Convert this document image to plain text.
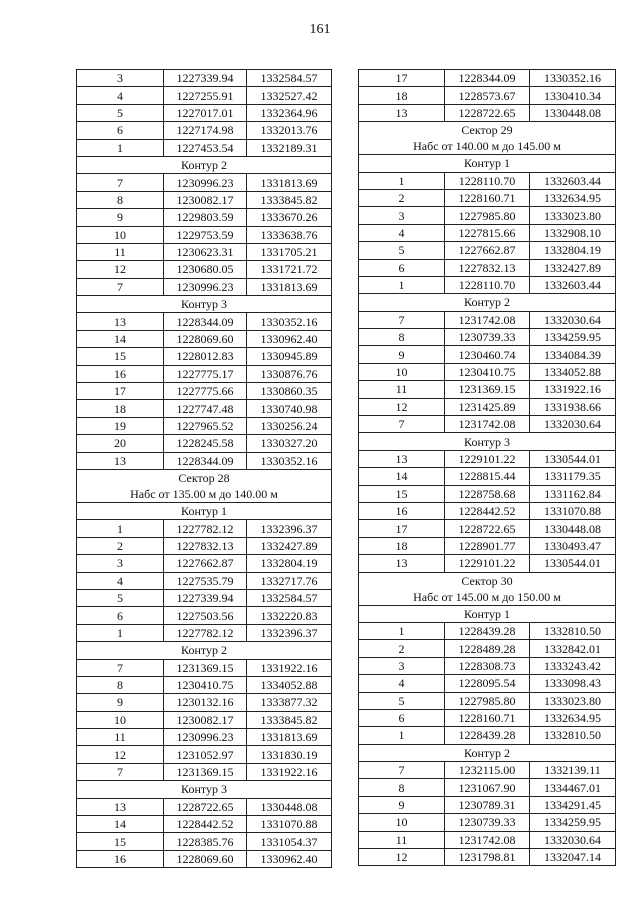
161
3	1227339.94	1332584.57
4	1227255.91	1332527.42
5	1227017.01	1332364.96
6	1227174.98	1332013.76
1	1227453.54	1332189.31
Контур 2		
7	1230996.23	1331813.69
8	1230082.17	1333845.82
9	1229803.59	1333670.26
10	1229753.59	1333638.76
11	1230623.31	1331705.21
12	1230680.05	1331721.72
7	1230996.23	1331813.69
Контур 3		
13	1228344.09	1330352.16
14	1228069.60	1330962.40
15	1228012.83	1330945.89
16	1227775.17	1330876.76
17	1227775.66	1330860.35
18	1227747.48	1330740.98
19	1227965.52	1330256.24
20	1228245.58	1330327.20
13	1228344.09	1330352.16

Сектор 28
Набс от 135.00 м до 140.00 м		

Контур 1		
1	1227782.12	1332396.37
2	1227832.13	1332427.89
3	1227662.87	1332804.19
4	1227535.79	1332717.76
5	1227339.94	1332584.57
6	1227503.56	1332220.83
1	1227782.12	1332396.37
Контур 2		
7	1231369.15	1331922.16
8	1230410.75	1334052.88
9	1230132.16	1333877.32
10	1230082.17	1333845.82
11	1230996.23	1331813.69
12	1231052.97	1331830.19
7	1231369.15	1331922.16
Контур 3		
13	1228722.65	1330448.08
14	1228442.52	1331070.88
15	1228385.76	1331054.37
16	1228069.60	1330962.40
17	1228344.09	1330352.16
18	1228573.67	1330410.34
13	1228722.65	1330448.08

Сектор 29
Набс от 140.00 м до 145.00 м		

Контур 1		
1	1228110.70	1332603.44
2	1228160.71	1332634.95
3	1227985.80	1333023.80
4	1227815.66	1332908.10
5	1227662.87	1332804.19
6	1227832.13	1332427.89
1	1228110.70	1332603.44
Контур 2		
7	1231742.08	1332030.64
8	1230739.33	1334259.95
9	1230460.74	1334084.39
10	1230410.75	1334052.88
11	1231369.15	1331922.16
12	1231425.89	1331938.66
7	1231742.08	1332030.64
Контур 3		
13	1229101.22	1330544.01
14	1228815.44	1331179.35
15	1228758.68	1331162.84
16	1228442.52	1331070.88
17	1228722.65	1330448.08
18	1228901.77	1330493.47
13	1229101.22	1330544.01

Сектор 30
Набс от 145.00 м до 150.00 м		

Контур 1		
1	1228439.28	1332810.50
2	1228489.28	1332842.01
3	1228308.73	1333243.42
4	1228095.54	1333098.43
5	1227985.80	1333023.80
6	1228160.71	1332634.95
1	1228439.28	1332810.50
Контур 2		
7	1232115.00	1332139.11
8	1231067.90	1334467.01
9	1230789.31	1334291.45
10	1230739.33	1334259.95
11	1231742.08	1332030.64
12	1231798.81	1332047.14
